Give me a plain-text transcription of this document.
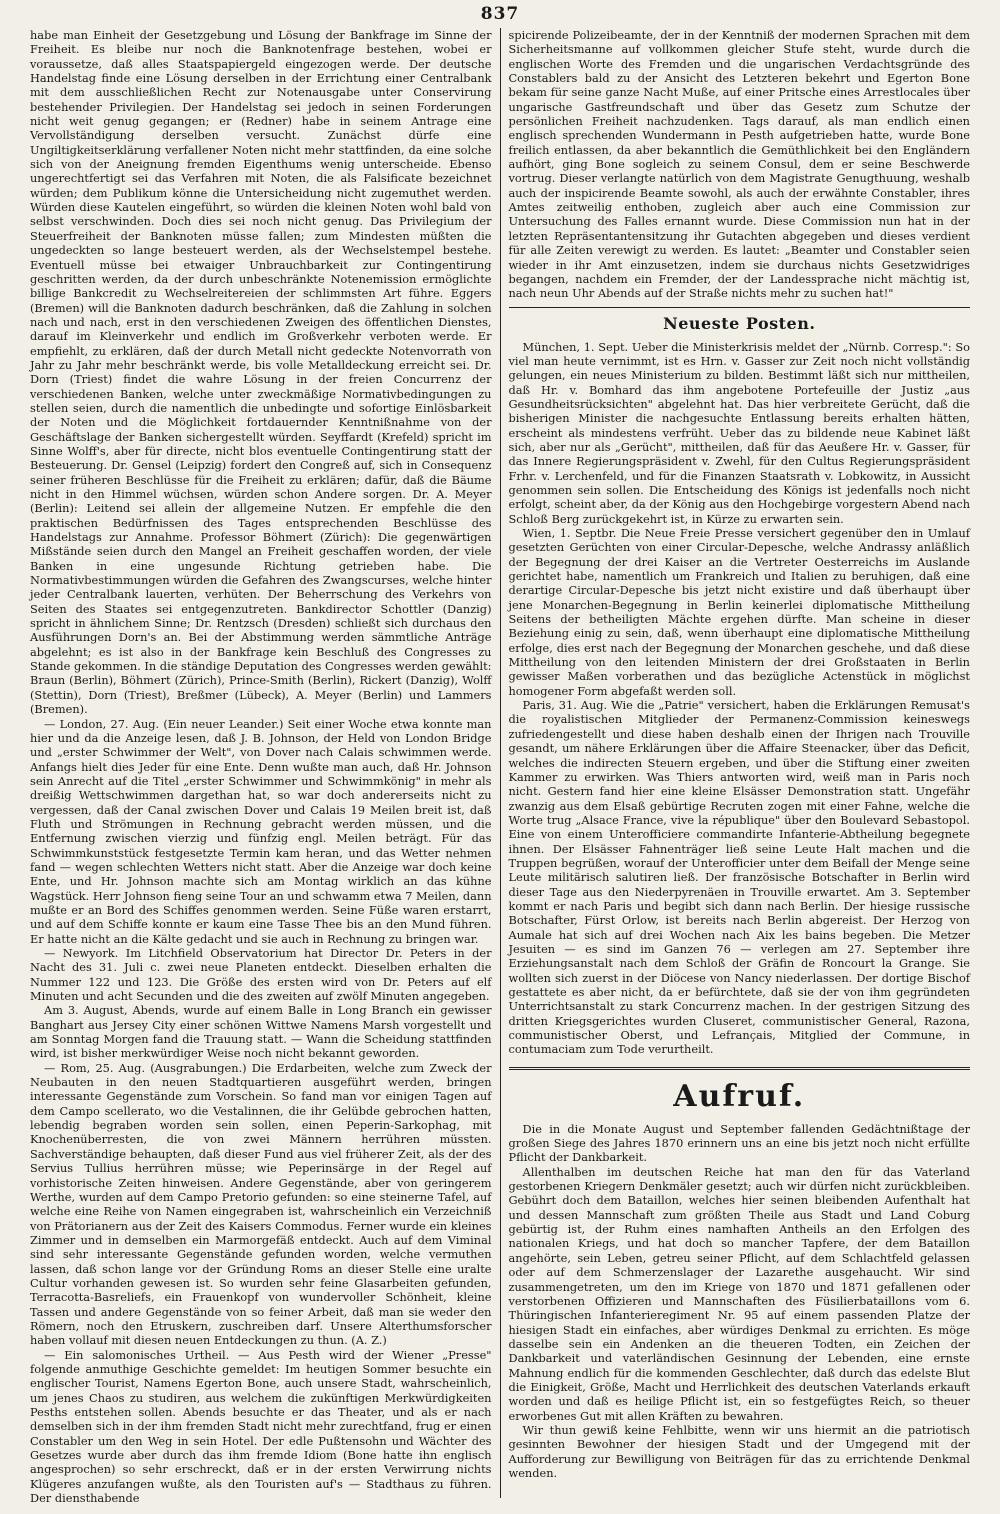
837

habe man Einheit der Gesetzgebung und Lösung der Bankfrage im Sinne der Freiheit. Es bleibe nur noch die Banknotenfrage bestehen, wobei er voraussetze, daß alles Staatspapiergeld eingezogen werde. Der deutsche Handelstag finde eine Lösung derselben in der Errichtung einer Centralbank mit dem ausschließlichen Recht zur Notenausgabe unter Conservirung bestehender Privilegien. Der Handelstag sei jedoch in seinen Forderungen nicht weit genug gegangen; er (Redner) habe in seinem Antrage eine Vervollständigung derselben versucht. Zunächst dürfe eine Ungiltigkeitserklärung verfallener Noten nicht mehr stattfinden, da eine solche sich von der Aneignung fremden Eigenthums wenig unterscheide. Ebenso ungerechtfertigt sei das Verfahren mit Noten, die als Falsificate bezeichnet würden; dem Publikum könne die Untersicheidung nicht zugemuthet werden. Würden diese Kautelen eingeführt, so würden die kleinen Noten wohl bald von selbst verschwinden. Doch dies sei noch nicht genug. Das Privilegium der Steuerfreiheit der Banknoten müsse fallen; zum Mindesten müßten die ungedeckten so lange besteuert werden, als der Wechselstempel bestehe. Eventuell müsse bei etwaiger Unbrauchbarkeit zur Contingentirung geschritten werden, da der durch unbeschränkte Notenemission ermöglichte billige Bankcredit zu Wechselreitereien der schlimmsten Art führe. Eggers (Bremen) will die Banknoten dadurch beschränken, daß die Zahlung in solchen nach und nach, erst in den verschiedenen Zweigen des öffentlichen Dienstes, darauf im Kleinverkehr und endlich im Großverkehr verboten werde. Er empfiehlt, zu erklären, daß der durch Metall nicht gedeckte Notenvorrath von Jahr zu Jahr mehr beschränkt werde, bis volle Metalldeckung erreicht sei. Dr. Dorn (Triest) findet die wahre Lösung in der freien Concurrenz der verschiedenen Banken, welche unter zweckmäßige Normativbedingungen zu stellen seien, durch die namentlich die unbedingte und sofortige Einlösbarkeit der Noten und die Möglichkeit fortdauernder Kenntnißnahme von der Geschäftslage der Banken sichergestellt würden. Seyffardt (Krefeld) spricht im Sinne Wolff's, aber für directe, nicht blos eventuelle Contingentirung statt der Besteuerung. Dr. Gensel (Leipzig) fordert den Congreß auf, sich in Consequenz seiner früheren Beschlüsse für die Freiheit zu erklären; dafür, daß die Bäume nicht in den Himmel wüchsen, würden schon Andere sorgen. Dr. A. Meyer (Berlin): Leitend sei allein der allgemeine Nutzen. Er empfehle die den praktischen Bedürfnissen des Tages entsprechenden Beschlüsse des Handelstags zur Annahme. Professor Böhmert (Zürich): Die gegenwärtigen Mißstände seien durch den Mangel an Freiheit geschaffen worden, der viele Banken in eine ungesunde Richtung getrieben habe. Die Normativbestimmungen würden die Gefahren des Zwangscurses, welche hinter jeder Centralbank lauerten, verhüten. Der Beherrschung des Verkehrs von Seiten des Staates sei entgegenzutreten. Bankdirector Schottler (Danzig) spricht in ähnlichem Sinne; Dr. Rentzsch (Dresden) schließt sich durchaus den Ausführungen Dorn's an. Bei der Abstimmung werden sämmtliche Anträge abgelehnt; es ist also in der Bankfrage kein Beschluß des Congresses zu Stande gekommen. In die ständige Deputation des Congresses werden gewählt: Braun (Berlin), Böhmert (Zürich), Prince-Smith (Berlin), Rickert (Danzig), Wolff (Stettin), Dorn (Triest), Breßmer (Lübeck), A. Meyer (Berlin) und Lammers (Bremen).

— London, 27. Aug. (Ein neuer Leander.) Seit einer Woche etwa konnte man hier und da die Anzeige lesen, daß J. B. Johnson, der Held von London Bridge und „erster Schwimmer der Welt", von Dover nach Calais schwimmen werde. Anfangs hielt dies Jeder für eine Ente. Denn wußte man auch, daß Hr. Johnson sein Anrecht auf die Titel „erster Schwimmer und Schwimmkönig" in mehr als dreißig Wettschwimmen dargethan hat, so war doch andererseits nicht zu vergessen, daß der Canal zwischen Dover und Calais 19 Meilen breit ist, daß Fluth und Strömungen in Rechnung gebracht werden müssen, und die Entfernung zwischen vierzig und fünfzig engl. Meilen beträgt. Für das Schwimmkunststück festgesetzte Termin kam heran, und das Wetter nehmen fand — wegen schlechten Wetters nicht statt. Aber die Anzeige war doch keine Ente, und Hr. Johnson machte sich am Montag wirklich an das kühne Wagstück. Herr Johnson fieng seine Tour an und schwamm etwa 7 Meilen, dann mußte er an Bord des Schiffes genommen werden. Seine Füße waren erstarrt, und auf dem Schiffe konnte er kaum eine Tasse Thee bis an den Mund führen. Er hatte nicht an die Kälte gedacht und sie auch in Rechnung zu bringen war.

— Newyork. Im Litchfield Observatorium hat Director Dr. Peters in der Nacht des 31. Juli c. zwei neue Planeten entdeckt. Dieselben erhalten die Nummer 122 und 123. Die Größe des ersten wird von Dr. Peters auf elf Minuten und acht Secunden und die des zweiten auf zwölf Minuten angegeben.

Am 3. August, Abends, wurde auf einem Balle in Long Branch ein gewisser Banghart aus Jersey City einer schönen Wittwe Namens Marsh vorgestellt und am Sonntag Morgen fand die Trauung statt. — Wann die Scheidung stattfinden wird, ist bisher merkwürdiger Weise noch nicht bekannt geworden.

— Rom, 25. Aug. (Ausgrabungen.) Die Erdarbeiten, welche zum Zweck der Neubauten in den neuen Stadtquartieren ausgeführt werden, bringen interessante Gegenstände zum Vorschein. So fand man vor einigen Tagen auf dem Campo scellerato, wo die Vestalinnen, die ihr Gelübde gebrochen hatten, lebendig begraben worden sein sollen, einen Peperin-Sarkophag, mit Knochenüberresten, die von zwei Männern herrühren müssten. Sachverständige behaupten, daß dieser Fund aus viel früherer Zeit, als der des Servius Tullius herrühren müsse; wie Peperinsärge in der Regel auf vorhistorische Zeiten hinweisen. Andere Gegenstände, aber von geringerem Werthe, wurden auf dem Campo Pretorio gefunden: so eine steinerne Tafel, auf welche eine Reihe von Namen eingegraben ist, wahrscheinlich ein Verzeichniß von Prätorianern aus der Zeit des Kaisers Commodus. Ferner wurde ein kleines Zimmer und in demselben ein Marmorgefäß entdeckt. Auch auf dem Viminal sind sehr interessante Gegenstände gefunden worden, welche vermuthen lassen, daß schon lange vor der Gründung Roms an dieser Stelle eine uralte Cultur vorhanden gewesen ist. So wurden sehr feine Glasarbeiten gefunden, Terracotta-Basreliefs, ein Frauenkopf von wundervoller Schönheit, kleine Tassen und andere Gegenstände von so feiner Arbeit, daß man sie weder den Römern, noch den Etruskern, zuschreiben darf. Unsere Alterthumsforscher haben vollauf mit diesen neuen Entdeckungen zu thun. (A. Z.)

— Ein salomonisches Urtheil. — Aus Pesth wird der Wiener „Presse" folgende anmuthige Geschichte gemeldet: Im heutigen Sommer besuchte ein englischer Tourist, Namens Egerton Bone, auch unsere Stadt, wahrscheinlich, um jenes Chaos zu studiren, aus welchem die zukünftigen Merkwürdigkeiten Pesths entstehen sollen. Abends besuchte er das Theater, und als er nach demselben sich in der ihm fremden Stadt nicht mehr zurechtfand, frug er einen Constabler um den Weg in sein Hotel. Der edle Pußtensohn und Wächter des Gesetzes wurde aber durch das ihm fremde Idiom (Bone hatte ihn englisch angesprochen) so sehr erschreckt, daß er in der ersten Verwirrung nichts Klügeres anzufangen wußte, als den Touristen auf's — Stadthaus zu führen. Der diensthabende

spicirende Polizeibeamte, der in der Kenntniß der modernen Sprachen mit dem Sicherheitsmanne auf vollkommen gleicher Stufe steht, wurde durch die englischen Worte des Fremden und die ungarischen Verdachtsgründe des Constablers bald zu der Ansicht des Letzteren bekehrt und Egerton Bone bekam für seine ganze Nacht Muße, auf einer Pritsche eines Arrestlocales über ungarische Gastfreundschaft und über das Gesetz zum Schutze der persönlichen Freiheit nachzudenken. Tags darauf, als man endlich einen englisch sprechenden Wundermann in Pesth aufgetrieben hatte, wurde Bone freilich entlassen, da aber bekanntlich die Gemüthlichkeit bei den Engländern aufhört, ging Bone sogleich zu seinem Consul, dem er seine Beschwerde vortrug. Dieser verlangte natürlich von dem Magistrate Genugthuung, weshalb auch der inspicirende Beamte sowohl, als auch der erwähnte Constabler, ihres Amtes zeitweilig enthoben, zugleich aber auch eine Commission zur Untersuchung des Falles ernannt wurde. Diese Commission nun hat in der letzten Repräsentantensitzung ihr Gutachten abgegeben und dieses verdient für alle Zeiten verewigt zu werden. Es lautet: „Beamter und Constabler seien wieder in ihr Amt einzusetzen, indem sie durchaus nichts Gesetzwidriges begangen, nachdem ein Fremder, der der Landessprache nicht mächtig ist, nach neun Uhr Abends auf der Straße nichts mehr zu suchen hat!"

Neueste Posten.

München, 1. Sept. Ueber die Ministerkrisis meldet der „Nürnb. Corresp.": So viel man heute vernimmt, ist es Hrn. v. Gasser zur Zeit noch nicht vollständig gelungen, ein neues Ministerium zu bilden. Bestimmt läßt sich nur mittheilen, daß Hr. v. Bomhard das ihm angebotene Portefeuille der Justiz „aus Gesundheitsrücksichten" abgelehnt hat. Das hier verbreitete Gerücht, daß die bisherigen Minister die nachgesuchte Entlassung bereits erhalten hätten, erscheint als mindestens verfrüht. Ueber das zu bildende neue Kabinet läßt sich, aber nur als „Gerücht", mittheilen, daß für das Aeußere Hr. v. Gasser, für das Innere Regierungspräsident v. Zwehl, für den Cultus Regierungspräsident Frhr. v. Lerchenfeld, und für die Finanzen Staatsrath v. Lobkowitz, in Aussicht genommen sein sollen. Die Entscheidung des Königs ist jedenfalls noch nicht erfolgt, scheint aber, da der König aus den Hochgebirge vorgestern Abend nach Schloß Berg zurückgekehrt ist, in Kürze zu erwarten sein.

Wien, 1. Septbr. Die Neue Freie Presse versichert gegenüber den in Umlauf gesetzten Gerüchten von einer Circular-Depesche, welche Andrassy anläßlich der Begegnung der drei Kaiser an die Vertreter Oesterreichs im Auslande gerichtet habe, namentlich um Frankreich und Italien zu beruhigen, daß eine derartige Circular-Depesche bis jetzt nicht existire und daß überhaupt über jene Monarchen-Begegnung in Berlin keinerlei diplomatische Mittheilung Seitens der betheiligten Mächte ergehen dürfte. Man scheine in dieser Beziehung einig zu sein, daß, wenn überhaupt eine diplomatische Mittheilung erfolge, dies erst nach der Begegnung der Monarchen geschehe, und daß diese Mittheilung von den leitenden Ministern der drei Großstaaten in Berlin gewisser Maßen vorberathen und das bezügliche Actenstück in möglichst homogener Form abgefaßt werden soll.

Paris, 31. Aug. Wie die „Patrie" versichert, haben die Erklärungen Remusat's die royalistischen Mitglieder der Permanenz-Commission keineswegs zufriedengestellt und diese haben deshalb einen der Ihrigen nach Trouville gesandt, um nähere Erklärungen über die Affaire Steenacker, über das Deficit, welches die indirecten Steuern ergeben, und über die Stiftung einer zweiten Kammer zu erwirken. Was Thiers antworten wird, weiß man in Paris noch nicht. Gestern fand hier eine kleine Elsässer Demonstration statt. Ungefähr zwanzig aus dem Elsaß gebürtige Recruten zogen mit einer Fahne, welche die Worte trug „Alsace France, vive la république" über den Boulevard Sebastopol. Eine von einem Unterofficiere commandirte Infanterie-Abtheilung begegnete ihnen. Der Elsässer Fahnenträger ließ seine Leute Halt machen und die Truppen begrüßen, worauf der Unterofficier unter dem Beifall der Menge seine Leute militärisch salutiren ließ. Der französische Botschafter in Berlin wird dieser Tage aus den Niederpyrenäen in Trouville erwartet. Am 3. September kommt er nach Paris und begibt sich dann nach Berlin. Der hiesige russische Botschafter, Fürst Orlow, ist bereits nach Berlin abgereist. Der Herzog von Aumale hat sich auf drei Wochen nach Aix les bains begeben. Die Metzer Jesuiten — es sind im Ganzen 76 — verlegen am 27. September ihre Erziehungsanstalt nach dem Schloß der Gräfin de Roncourt la Grange. Sie wollten sich zuerst in der Diöcese von Nancy niederlassen. Der dortige Bischof gestattete es aber nicht, da er befürchtete, daß sie der von ihm gegründeten Unterrichtsanstalt zu stark Concurrenz machen. In der gestrigen Sitzung des dritten Kriegsgerichtes wurden Cluseret, communistischer General, Razona, communistischer Oberst, und Lefrançais, Mitglied der Commune, in contumaciam zum Tode verurtheilt.

Aufruf.

Die in die Monate August und September fallenden Gedächtnißtage der großen Siege des Jahres 1870 erinnern uns an eine bis jetzt noch nicht erfüllte Pflicht der Dankbarkeit.

Allenthalben im deutschen Reiche hat man den für das Vaterland gestorbenen Kriegern Denkmäler gesetzt; auch wir dürfen nicht zurückbleiben. Gebührt doch dem Bataillon, welches hier seinen bleibenden Aufenthalt hat und dessen Mannschaft zum größten Theile aus Stadt und Land Coburg gebürtig ist, der Ruhm eines namhaften Antheils an den Erfolgen des nationalen Kriegs, und hat doch so mancher Tapfere, der dem Bataillon angehörte, sein Leben, getreu seiner Pflicht, auf dem Schlachtfeld gelassen oder auf dem Schmerzenslager der Lazarethe ausgehaucht. Wir sind zusammengetreten, um den im Kriege von 1870 und 1871 gefallenen oder verstorbenen Offizieren und Mannschaften des Füsilierbataillons vom 6. Thüringischen Infanterieregiment Nr. 95 auf einem passenden Platze der hiesigen Stadt ein einfaches, aber würdiges Denkmal zu errichten. Es möge dasselbe sein ein Andenken an die theueren Todten, ein Zeichen der Dankbarkeit und vaterländischen Gesinnung der Lebenden, eine ernste Mahnung endlich für die kommenden Geschlechter, daß durch das edelste Blut die Einigkeit, Größe, Macht und Herrlichkeit des deutschen Vaterlands erkauft worden und daß es heilige Pflicht ist, ein so festgefügtes Reich, so theuer erworbenes Gut mit allen Kräften zu bewahren.

Wir thun gewiß keine Fehlbitte, wenn wir uns hiermit an die patriotisch gesinnten Bewohner der hiesigen Stadt und der Umgegend mit der Aufforderung zur Bewilligung von Beiträgen für das zu errichtende Denkmal wenden.
